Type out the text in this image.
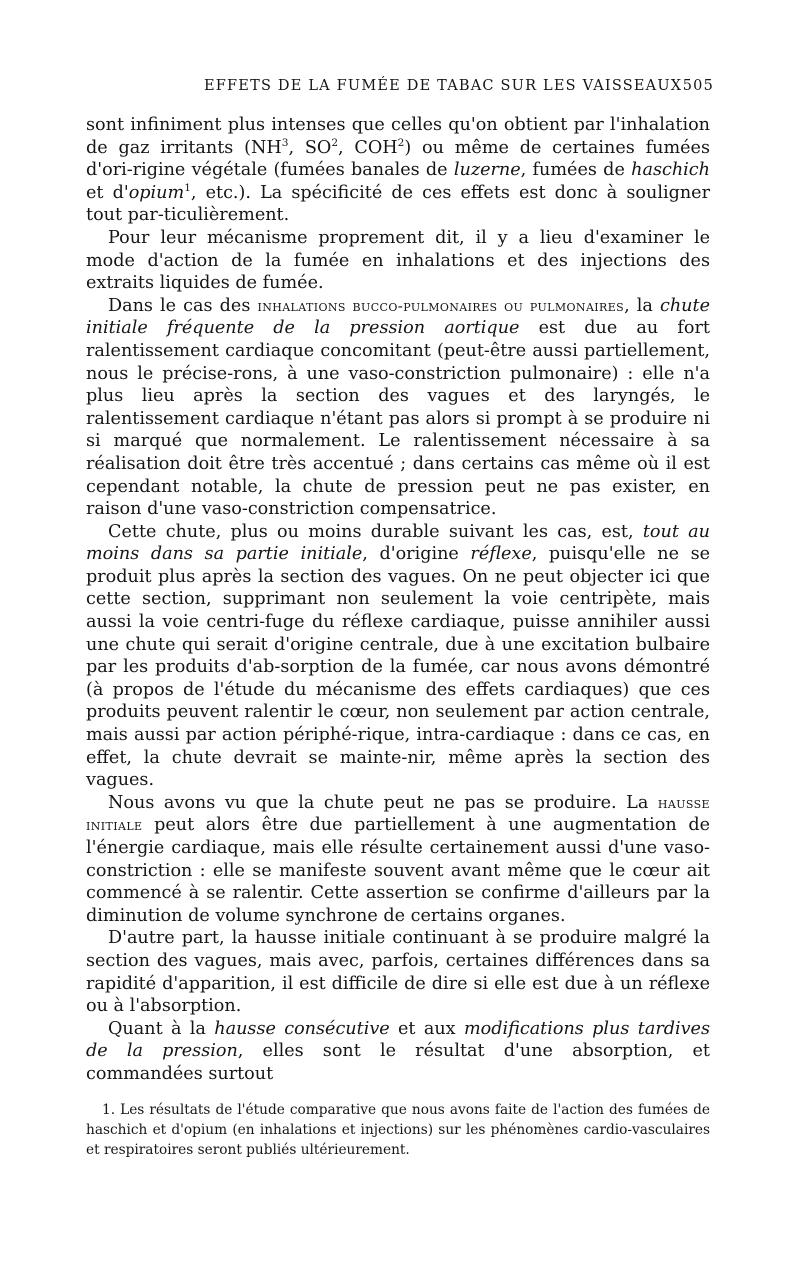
EFFETS DE LA FUMÉE DE TABAC SUR LES VAISSEAUX 505

sont infiniment plus intenses que celles qu'on obtient par l'inhalation de gaz irritants ($NH^3$, $SO^2$, COH$^2$) ou même de certaines fumées d'ori-rigine végétale (fumées banales de luzerne, fumées de haschich et d'opium$^1$, etc.). La spécificité de ces effets est donc à souligner tout par-ticulièrement.

Pour leur mécanisme proprement dit, il y a lieu d'examiner le mode d'action de la fumée en inhalations et des injections des extraits liquides de fumée.

Dans le cas des inhalations bucco-pulmonaires ou pulmonaires, la chute initiale fréquente de la pression aortique est due au fort ralentissement cardiaque concomitant (peut-être aussi partiellement, nous le précise-rons, à une vaso-constriction pulmonaire) : elle n'a plus lieu après la section des vagues et des laryngés, le ralentissement cardiaque n'étant pas alors si prompt à se produire ni si marqué que normalement. Le ralentissement nécessaire à sa réalisation doit être très accentué ; dans certains cas même où il est cependant notable, la chute de pression peut ne pas exister, en raison d'une vaso-constriction compensatrice.

Cette chute, plus ou moins durable suivant les cas, est, tout au moins dans sa partie initiale, d'origine réflexe, puisqu'elle ne se produit plus après la section des vagues. On ne peut objecter ici que cette section, supprimant non seulement la voie centripète, mais aussi la voie centri-fuge du réflexe cardiaque, puisse annihiler aussi une chute qui serait d'origine centrale, due à une excitation bulbaire par les produits d'ab-sorption de la fumée, car nous avons démontré (à propos de l'étude du mécanisme des effets cardiaques) que ces produits peuvent ralentir le cœur, non seulement par action centrale, mais aussi par action périphé-rique, intra-cardiaque : dans ce cas, en effet, la chute devrait se mainte-nir, même après la section des vagues.

Nous avons vu que la chute peut ne pas se produire. La hausse initiale peut alors être due partiellement à une augmentation de l'énergie cardiaque, mais elle résulte certainement aussi d'une vaso-constriction : elle se manifeste souvent avant même que le cœur ait commencé à se ralentir. Cette assertion se confirme d'ailleurs par la diminution de volume synchrone de certains organes.

D'autre part, la hausse initiale continuant à se produire malgré la section des vagues, mais avec, parfois, certaines différences dans sa rapidité d'apparition, il est difficile de dire si elle est due à un réflexe ou à l'absorption.

Quant à la hausse consécutive et aux modifications plus tardives de la pression, elles sont le résultat d'une absorption, et commandées surtout

1. Les résultats de l'étude comparative que nous avons faite de l'action des fumées de haschich et d'opium (en inhalations et injections) sur les phénomènes cardio-vasculaires et respiratoires seront publiés ultérieurement.
